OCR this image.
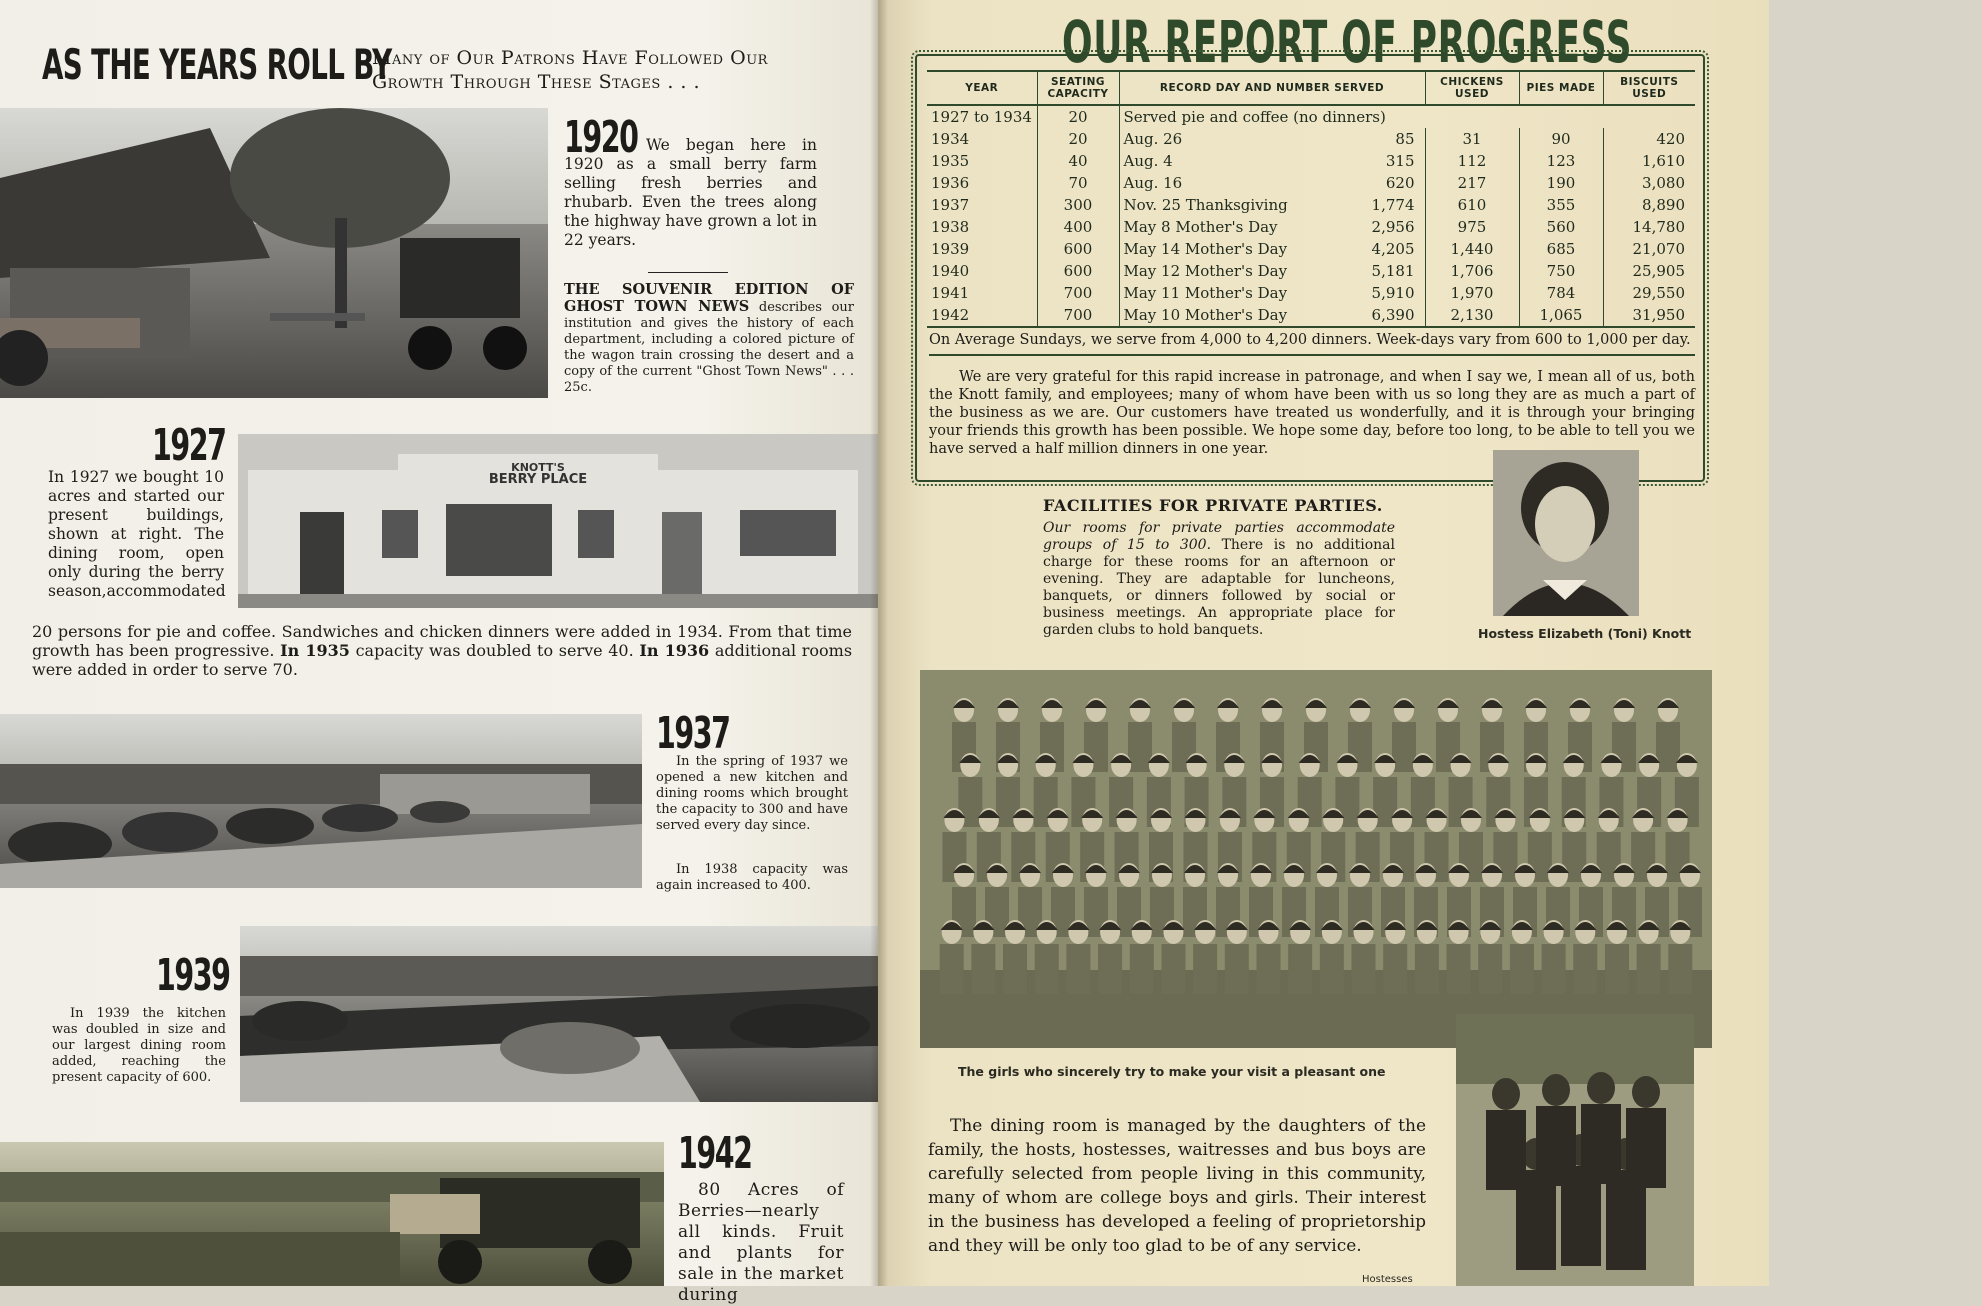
AS THE YEARS ROLL BY
Many of Our Patrons Have Followed Our
Growth Through These Stages . . .
1920 We began here in 1920 as a small berry farm selling fresh berries and rhubarb. Even the trees along the highway have grown a lot in 22 years.
THE SOUVENIR EDITION OF GHOST TOWN NEWS describes our institution and gives the history of each department, including a colored picture of the wagon train crossing the desert and a copy of the current "Ghost Town News" . . . 25c.
1927
In 1927 we bought 10 acres and started our present buildings, shown at right. The dining room, open only during the berry season,accommodated
KNOTT'S
BERRY PLACE
20 persons for pie and coffee. Sandwiches and chicken dinners were added in 1934. From that time growth has been progressive. In 1935 capacity was doubled to serve 40. In 1936 additional rooms were added in order to serve 70.
1937
In the spring of 1937 we opened a new kitchen and dining rooms which brought the capacity to 300 and have served every day since.
In 1938 capacity was again increased to 400.
1939
In 1939 the kitchen was doubled in size and our largest dining room added, reaching the present capacity of 600.
1942
80 Acres of Berries—nearly all kinds. Fruit and plants for sale in the market during
OUR REPORT OF PROGRESS
YEAR	SEATING CAPACITY	RECORD DAY AND NUMBER SERVED	CHICKENS USED	PIES MADE	BISCUITS USED
1927 to 1934	20	Served pie and coffee (no dinners)			
1934	20	Aug. 26 85	31	90	420
1935	40	Aug. 4 315	112	123	1,610
1936	70	Aug. 16 620	217	190	3,080
1937	300	Nov. 25 Thanksgiving 1,774	610	355	8,890
1938	400	May 8 Mother's Day 2,956	975	560	14,780
1939	600	May 14 Mother's Day 4,205	1,440	685	21,070
1940	600	May 12 Mother's Day 5,181	1,706	750	25,905
1941	700	May 11 Mother's Day 5,910	1,970	784	29,550
1942	700	May 10 Mother's Day 6,390	2,130	1,065	31,950
On Average Sundays, we serve from 4,000 to 4,200 dinners. Week-days vary from 600 to 1,000 per day.
We are very grateful for this rapid increase in patronage, and when I say we, I mean all of us, both the Knott family, and employees; many of whom have been with us so long they are as much a part of the business as we are. Our customers have treated us wonderfully, and it is through your bringing your friends this growth has been possible. We hope some day, before too long, to be able to tell you we have served a half million dinners in one year.
FACILITIES FOR PRIVATE PARTIES.
Our rooms for private parties accommodate groups of 15 to 300. There is no additional charge for these rooms for an afternoon or evening. They are adaptable for luncheons, banquets, or dinners followed by social or business meetings. An appropriate place for garden clubs to hold banquets.	Hostess Elizabeth (Toni) Knott
The girls who sincerely try to make your visit a pleasant one
Hostesses
The dining room is managed by the daughters of the family, the hosts, hostesses, waitresses and bus boys are carefully selected from people living in this community, many of whom are college boys and girls. Their interest in the business has developed a feeling of proprietorship and they will be only too glad to be of any service.
